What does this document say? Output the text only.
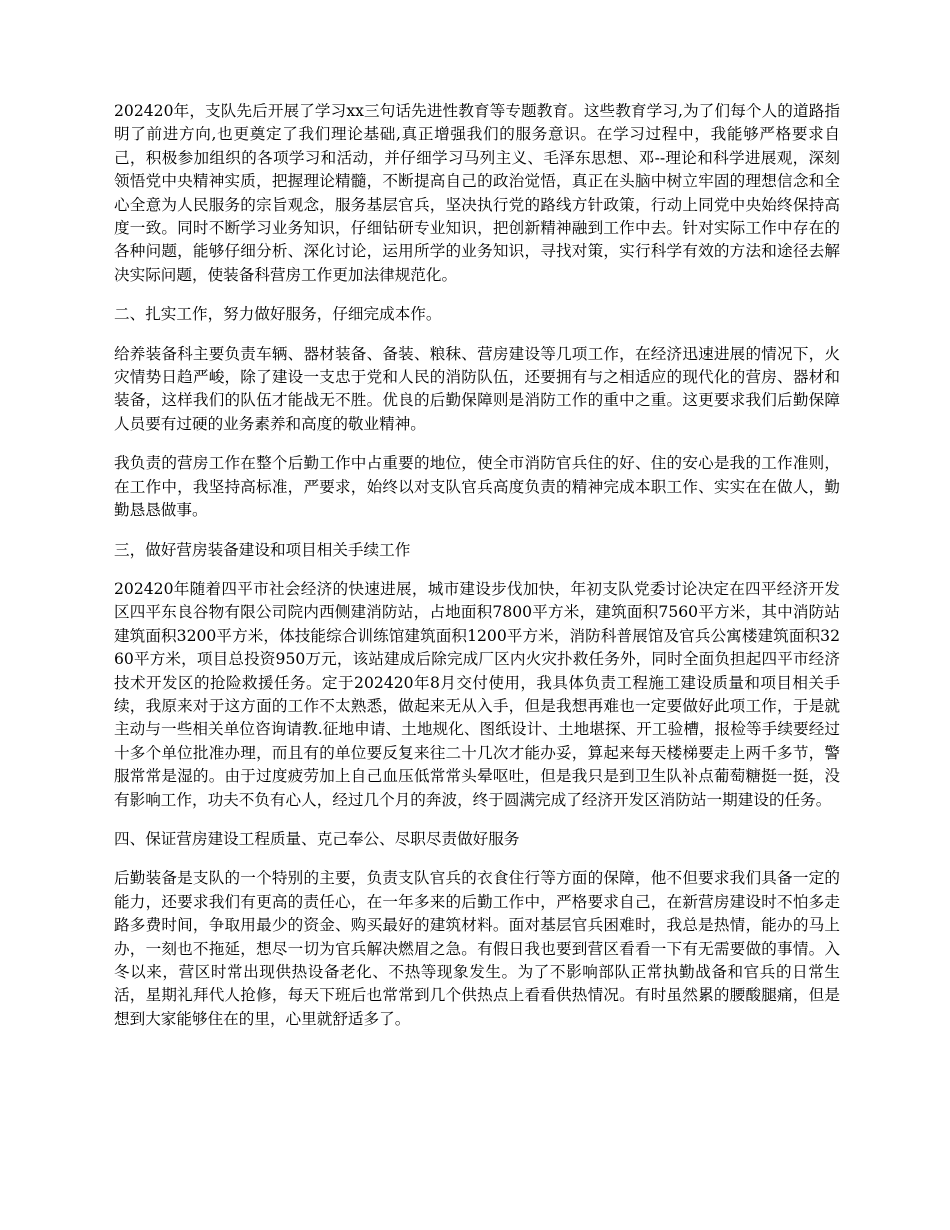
202420年，支队先后开展了学习xx三句话先进性教育等专题教育。这些教育学习,为了们每个人的道路指明了前进方向,也更奠定了我们理论基础,真正增强我们的服务意识。在学习过程中，我能够严格要求自己，积极参加组织的各项学习和活动，并仔细学习马列主义、毛泽东思想、邓--理论和科学进展观，深刻领悟党中央精神实质，把握理论精髓，不断提高自己的政治觉悟，真正在头脑中树立牢固的理想信念和全心全意为人民服务的宗旨观念，服务基层官兵，坚决执行党的路线方针政策，行动上同党中央始终保持高度一致。同时不断学习业务知识，仔细钻研专业知识，把创新精神融到工作中去。针对实际工作中存在的各种问题，能够仔细分析、深化讨论，运用所学的业务知识，寻找对策，实行科学有效的方法和途径去解决实际问题，使装备科营房工作更加法律规范化。

二、扎实工作，努力做好服务，仔细完成本作。

给养装备科主要负责车辆、器材装备、备装、粮秣、营房建设等几项工作，在经济迅速进展的情况下，火灾情势日趋严峻，除了建设一支忠于党和人民的消防队伍，还要拥有与之相适应的现代化的营房、器材和装备，这样我们的队伍才能战无不胜。优良的后勤保障则是消防工作的重中之重。这更要求我们后勤保障人员要有过硬的业务素养和高度的敬业精神。

我负责的营房工作在整个后勤工作中占重要的地位，使全市消防官兵住的好、住的安心是我的工作准则，在工作中，我坚持高标准，严要求，始终以对支队官兵高度负责的精神完成本职工作、实实在在做人，勤勤恳恳做事。

三，做好营房装备建设和项目相关手续工作

202420年随着四平市社会经济的快速进展，城市建设步伐加快，年初支队党委讨论决定在四平经济开发区四平东良谷物有限公司院内西侧建消防站，占地面积7800平方米，建筑面积7560平方米，其中消防站建筑面积3200平方米，体技能综合训练馆建筑面积1200平方米，消防科普展馆及官兵公寓楼建筑面积3260平方米，项目总投资950万元，该站建成后除完成厂区内火灾扑救任务外，同时全面负担起四平市经济技术开发区的抢险救援任务。定于202420年8月交付使用，我具体负责工程施工建设质量和项目相关手续，我原来对于这方面的工作不太熟悉，做起来无从入手，但是我想再难也一定要做好此项工作，于是就主动与一些相关单位咨询请教.征地申请、土地规化、图纸设计、土地堪探、开工验槽，报检等手续要经过十多个单位批准办理，而且有的单位要反复来往二十几次才能办妥，算起来每天楼梯要走上两千多节，警服常常是湿的。由于过度疲劳加上自己血压低常常头晕呕吐，但是我只是到卫生队补点葡萄糖挺一挺，没有影响工作，功夫不负有心人，经过几个月的奔波，终于圆满完成了经济开发区消防站一期建设的任务。

四、保证营房建设工程质量、克己奉公、尽职尽责做好服务

后勤装备是支队的一个特别的主要，负责支队官兵的衣食住行等方面的保障，他不但要求我们具备一定的能力，还要求我们有更高的责任心，在一年多来的后勤工作中，严格要求自己，在新营房建设时不怕多走路多费时间，争取用最少的资金、购买最好的建筑材料。面对基层官兵困难时，我总是热情，能办的马上办，一刻也不拖延，想尽一切为官兵解决燃眉之急。有假日我也要到营区看看一下有无需要做的事情。入冬以来，营区时常出现供热设备老化、不热等现象发生。为了不影响部队正常执勤战备和官兵的日常生活，星期礼拜代人抢修，每天下班后也常常到几个供热点上看看供热情况。有时虽然累的腰酸腿痛，但是想到大家能够住在的里，心里就舒适多了。
